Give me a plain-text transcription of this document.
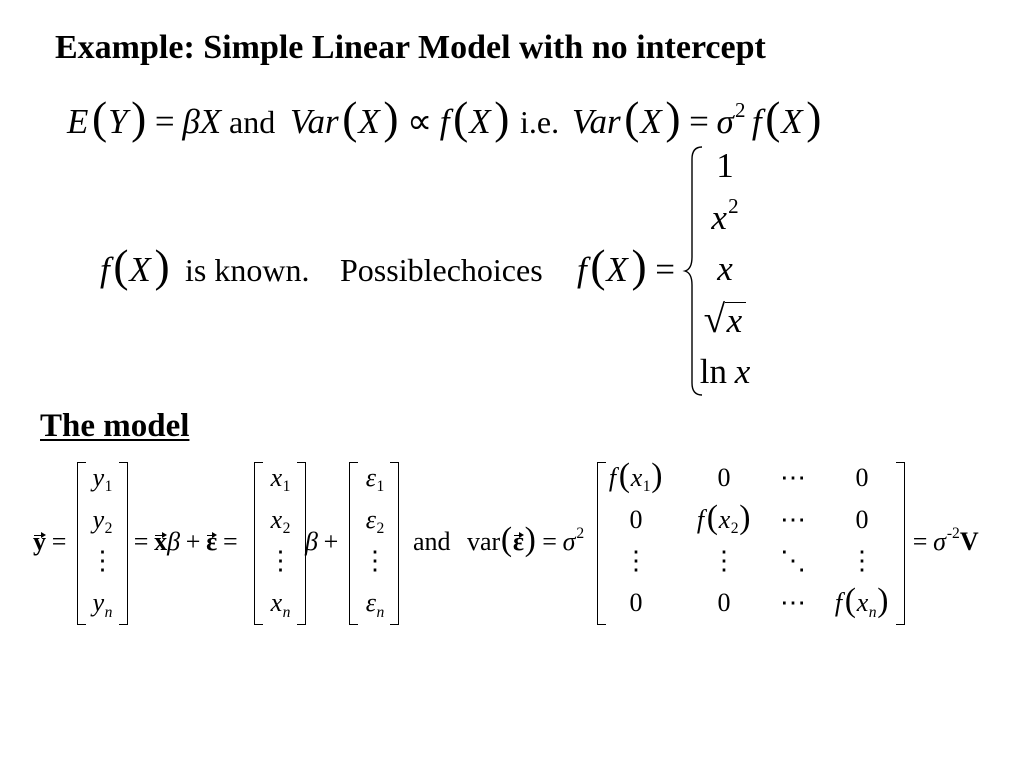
Example: Simple Linear Model with no intercept
E(Y) = βX and Var(X) ∝ f(X) i.e. $Var(X) = \sigma^2$ f(X)
f(X) is known. Possiblechoices f(X) =
1
$x^2$
x
√x
ln x
The model
y =
$y_1$
$y_2$
⋮
$y_n$
= xβ + ε =
$x_1$
$x_2$
⋮
$x_n$
β +
$\varepsilon_1$
$\varepsilon_2$
⋮
$\varepsilon_n$
and $var(\varepsilon) = \sigma^2$
$f(x_1)$	0	⋯	0
0	$f(x_2)$	⋯	0
⋮	⋮	⋱	⋮
0	0	⋯	$f(x_n)$
= $\sigma^{-2}V$
